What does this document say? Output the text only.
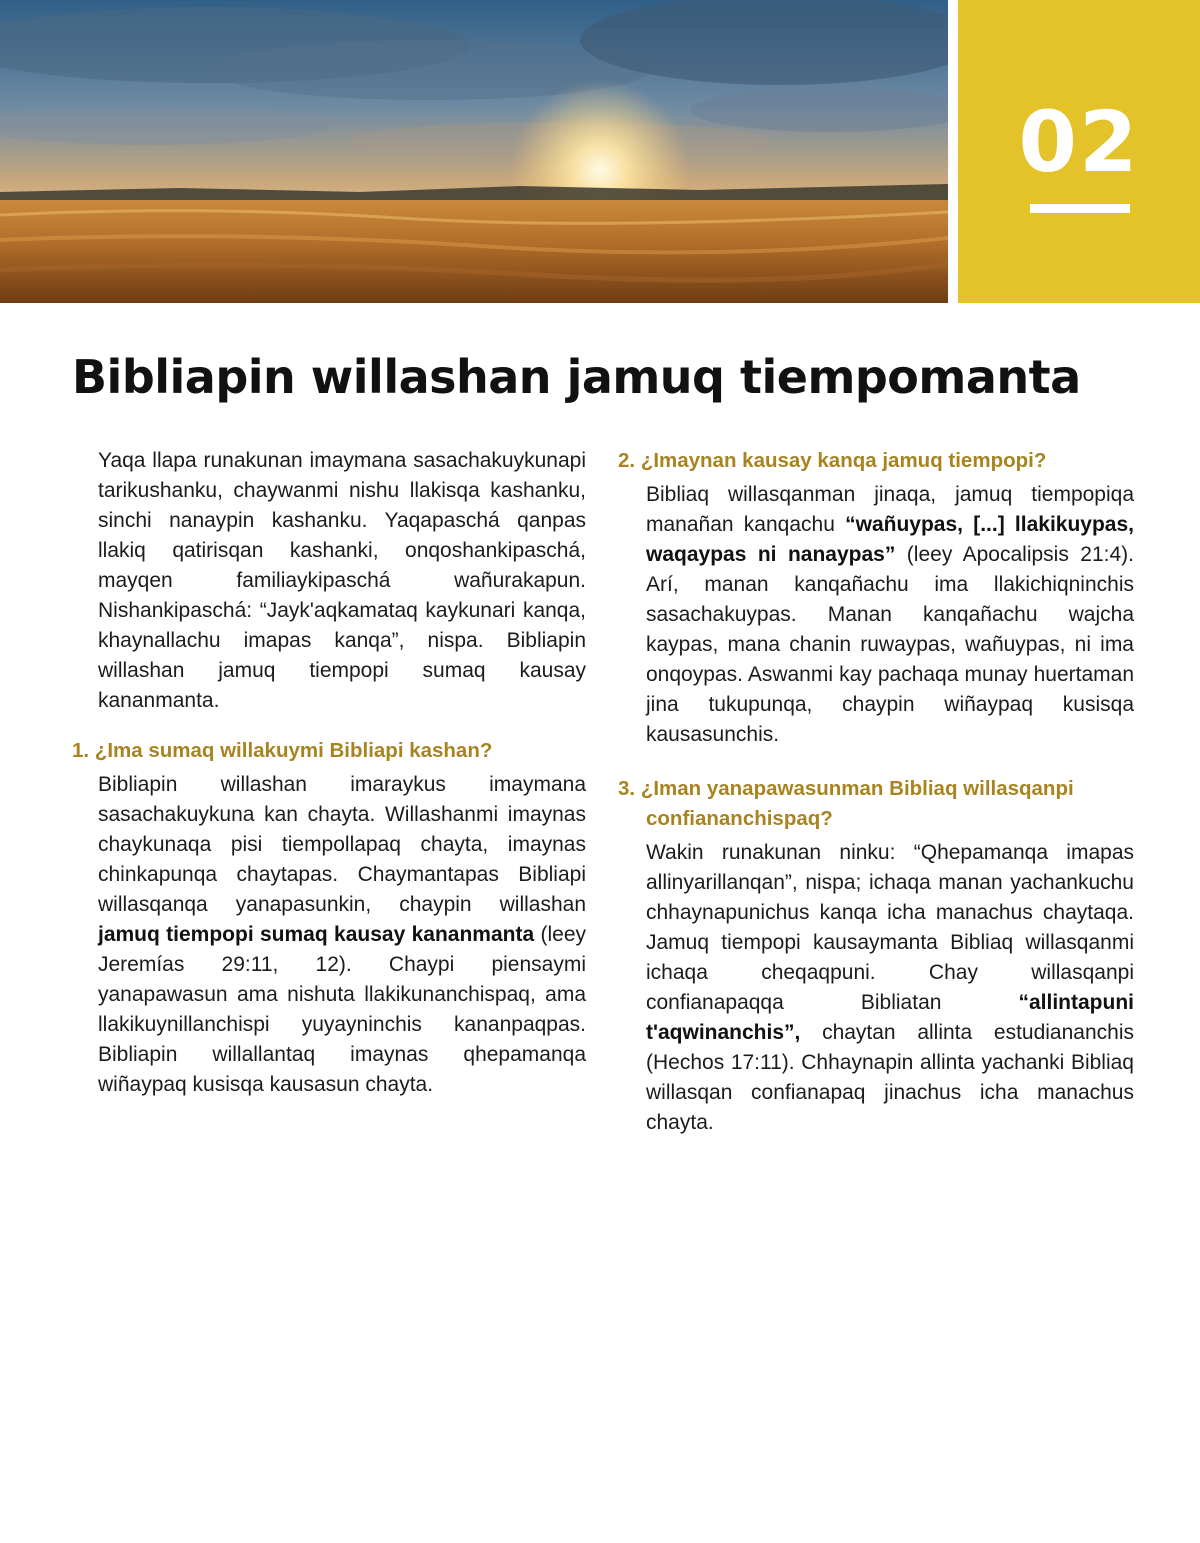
02
Bibliapin willashan jamuq tiempomanta

Yaqa llapa runakunan imaymana sasachakuykunapi tarikushanku, chaywanmi nishu llakisqa kashanku, sinchi nanaypin kashanku. Yaqapaschá qanpas llakiq qatirisqan kashanki, onqoshankipaschá, mayqen familiaykipaschá wañurakapun. Nishankipaschá: “Jayk'aqkamataq kaykunari kanqa, khaynallachu imapas kanqa”, nispa. Bibliapin willashan jamuq tiempopi sumaq kausay kananmanta.

1. ¿Ima sumaq willakuymi Bibliapi kashan?

Bibliapin willashan imaraykus imaymana sasachakuykuna kan chayta. Willashanmi imaynas chaykunaqa pisi tiempollapaq chayta, imaynas chinkapunqa chaytapas. Chaymantapas Bibliapi willasqanqa yanapasunkin, chaypin willashan jamuq tiempopi sumaq kausay kananmanta (leey Jeremías 29:11, 12). Chaypi piensaymi yanapawasun ama nishuta llakikunanchispaq, ama llakikuynillanchispi yuyayninchis kananpaqpas. Bibliapin willallantaq imaynas qhepamanqa wiñaypaq kusisqa kausasun chayta.

2. ¿Imaynan kausay kanqa jamuq tiempopi?

Bibliaq willasqanman jinaqa, jamuq tiempopiqa manañan kanqachu “wañuypas, [...] llakikuypas, waqaypas ni nanaypas” (leey Apocalipsis 21:4). Arí, manan kanqañachu ima llakichiqninchis sasachakuypas. Manan kanqañachu wajcha kaypas, mana chanin ruwaypas, wañuypas, ni ima onqoypas. Aswanmi kay pachaqa munay huertaman jina tukupunqa, chaypin wiñaypaq kusisqa kausasunchis.

3. ¿Iman yanapawasunman Bibliaq willasqanpi confiananchispaq?

Wakin runakunan ninku: “Qhepamanqa imapas allinyarillanqan”, nispa; ichaqa manan yachankuchu chhaynapunichus kanqa icha manachus chaytaqa. Jamuq tiempopi kausaymanta Bibliaq willasqanmi ichaqa cheqaqpuni. Chay willasqanpi confianapaqqa Bibliatan “allintapuni t'aqwinanchis”, chaytan allinta estudiananchis (Hechos 17:11). Chhaynapin allinta yachanki Bibliaq willasqan confianapaq jinachus icha manachus chayta.
